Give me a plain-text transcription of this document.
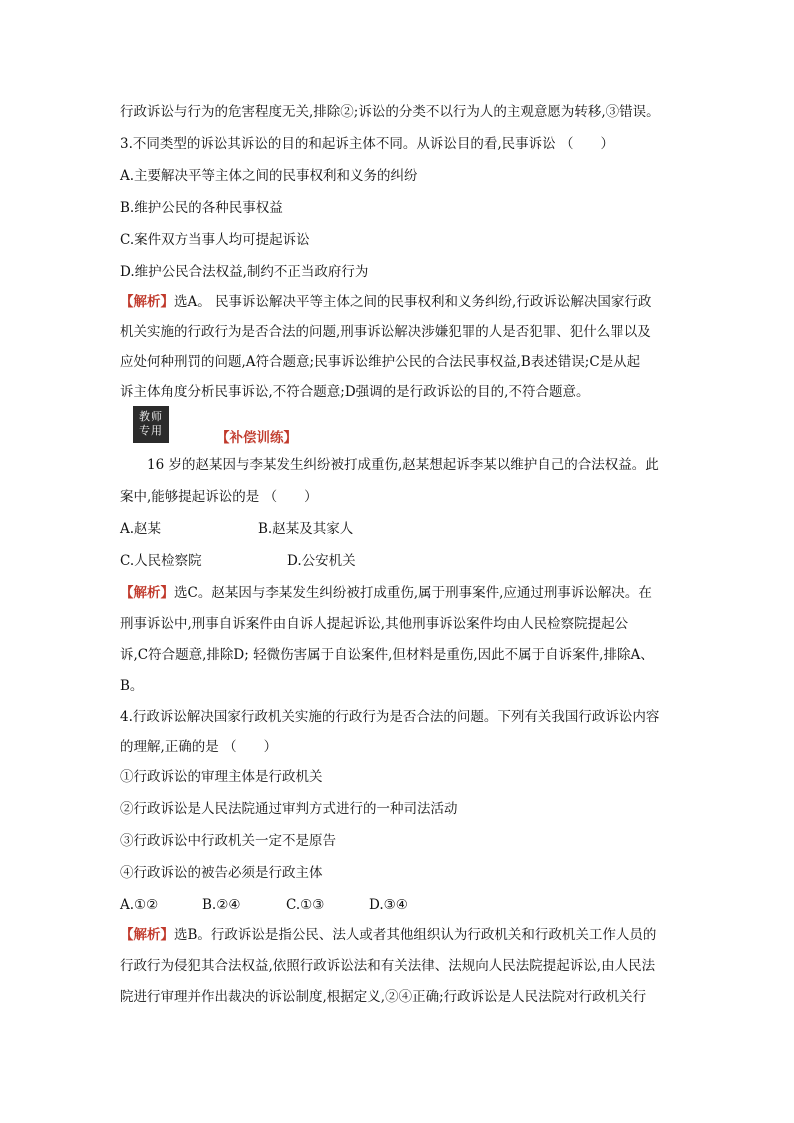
行政诉讼与行为的危害程度无关,排除②;诉讼的分类不以行为人的主观意愿为转移,③错误。
3.不同类型的诉讼其诉讼的目的和起诉主体不同。从诉讼目的看,民事诉讼 （　　）
A.主要解决平等主体之间的民事权利和义务的纠纷
B.维护公民的各种民事权益
C.案件双方当事人均可提起诉讼
D.维护公民合法权益,制约不正当政府行为
【解析】选A。 民事诉讼解决平等主体之间的民事权利和义务纠纷,行政诉讼解决国家行政
机关实施的行政行为是否合法的问题,刑事诉讼解决涉嫌犯罪的人是否犯罪、犯什么罪以及
应处何种刑罚的问题,A符合题意;民事诉讼维护公民的合法民事权益,B表述错误;C是从起
诉主体角度分析民事诉讼,不符合题意;D强调的是行政诉讼的目的,不符合题意。
教师
专用	【补偿训练】
16 岁的赵某因与李某发生纠纷被打成重伤,赵某想起诉李某以维护自己的合法权益。此
案中,能够提起诉讼的是 （　　）
A.赵某	B.赵某及其家人
C.人民检察院	D.公安机关
【解析】选C。赵某因与李某发生纠纷被打成重伤,属于刑事案件,应通过刑事诉讼解决。在
刑事诉讼中,刑事自诉案件由自诉人提起诉讼,其他刑事诉讼案件均由人民检察院提起公
诉,C符合题意,排除D; 轻微伤害属于自讼案件,但材料是重伤,因此不属于自诉案件,排除A、
B。
4.行政诉讼解决国家行政机关实施的行政行为是否合法的问题。下列有关我国行政诉讼内容
的理解,正确的是 （　　）
①行政诉讼的审理主体是行政机关
②行政诉讼是人民法院通过审判方式进行的一种司法活动
③行政诉讼中行政机关一定不是原告
④行政诉讼的被告必须是行政主体
A.①②	B.②④	C.①③	D.③④
【解析】选B。行政诉讼是指公民、法人或者其他组织认为行政机关和行政机关工作人员的
行政行为侵犯其合法权益,依照行政诉讼法和有关法律、法规向人民法院提起诉讼,由人民法
院进行审理并作出裁决的诉讼制度,根据定义,②④正确;行政诉讼是人民法院对行政机关行
